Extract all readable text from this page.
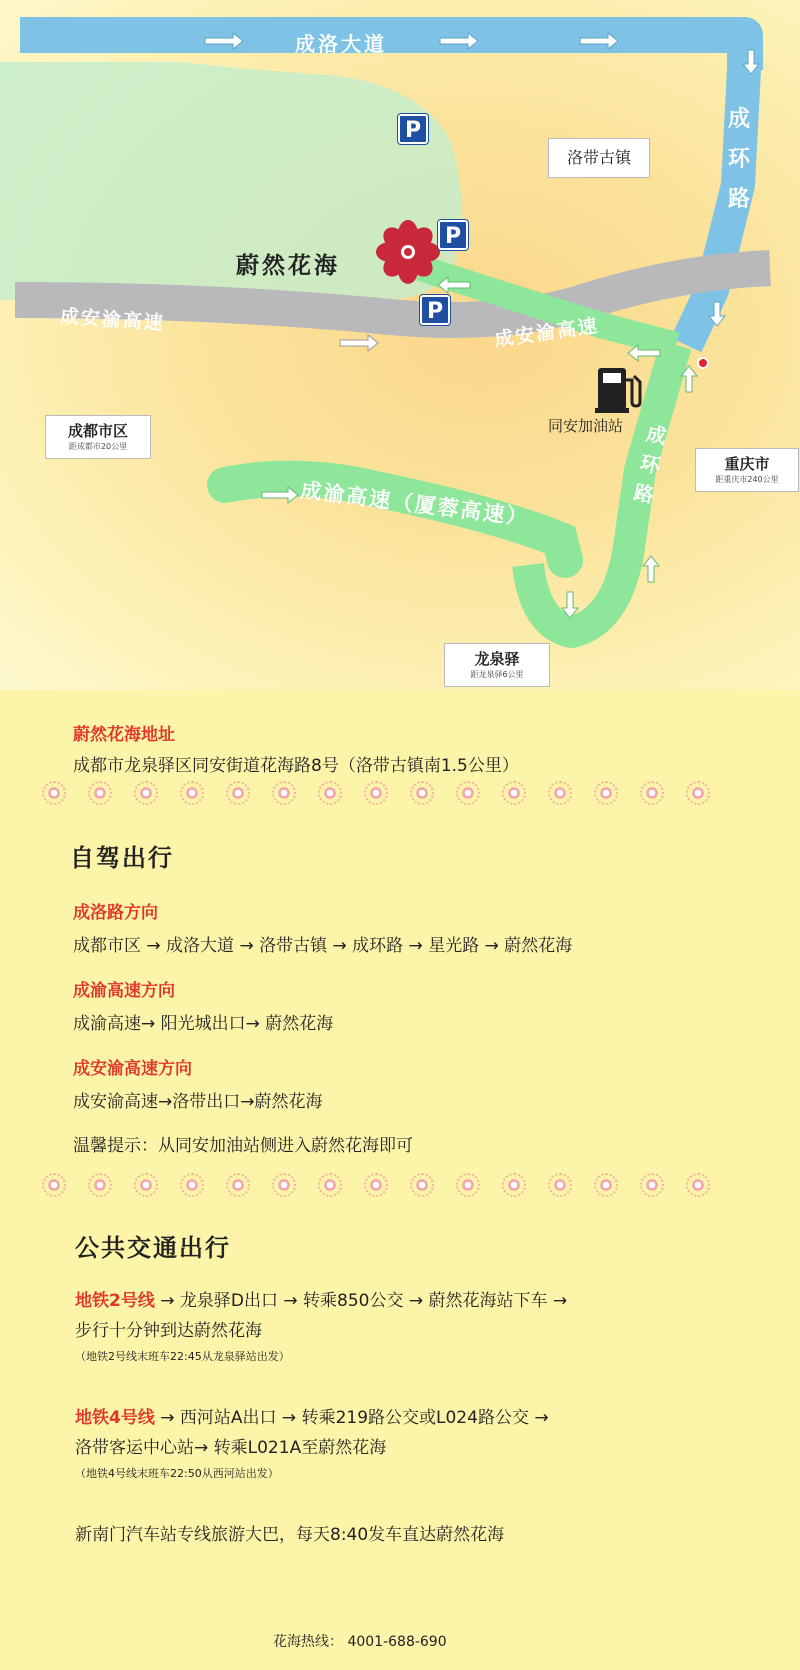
P
P
P
成洛大道
成环路
成安渝高速	成安渝高速
成环路
成渝高速（厦蓉高速）
蔚然花海
洛带古镇
同安加油站
成都市区
距成都市20公里
重庆市
距重庆市240公里
龙泉驿
距龙泉驿6公里
蔚然花海地址
成都市龙泉驿区同安街道花海路8号（洛带古镇南1.5公里）
自驾出行
成洛路方向
成都市区 → 成洛大道 → 洛带古镇 → 成环路 → 星光路 → 蔚然花海
成渝高速方向
成渝高速→ 阳光城出口→ 蔚然花海
成安渝高速方向
成安渝高速→洛带出口→蔚然花海
温馨提示：从同安加油站侧进入蔚然花海即可
公共交通出行
地铁2号线 → 龙泉驿D出口 → 转乘850公交 → 蔚然花海站下车 →
步行十分钟到达蔚然花海
（地铁2号线末班车22:45从龙泉驿站出发）
地铁4号线 → 西河站A出口 → 转乘219路公交或L024路公交 →
洛带客运中心站→ 转乘L021A至蔚然花海
（地铁4号线末班车22:50从西河站出发）
新南门汽车站专线旅游大巴，每天8:40发车直达蔚然花海
花海热线： 4001-688-690
